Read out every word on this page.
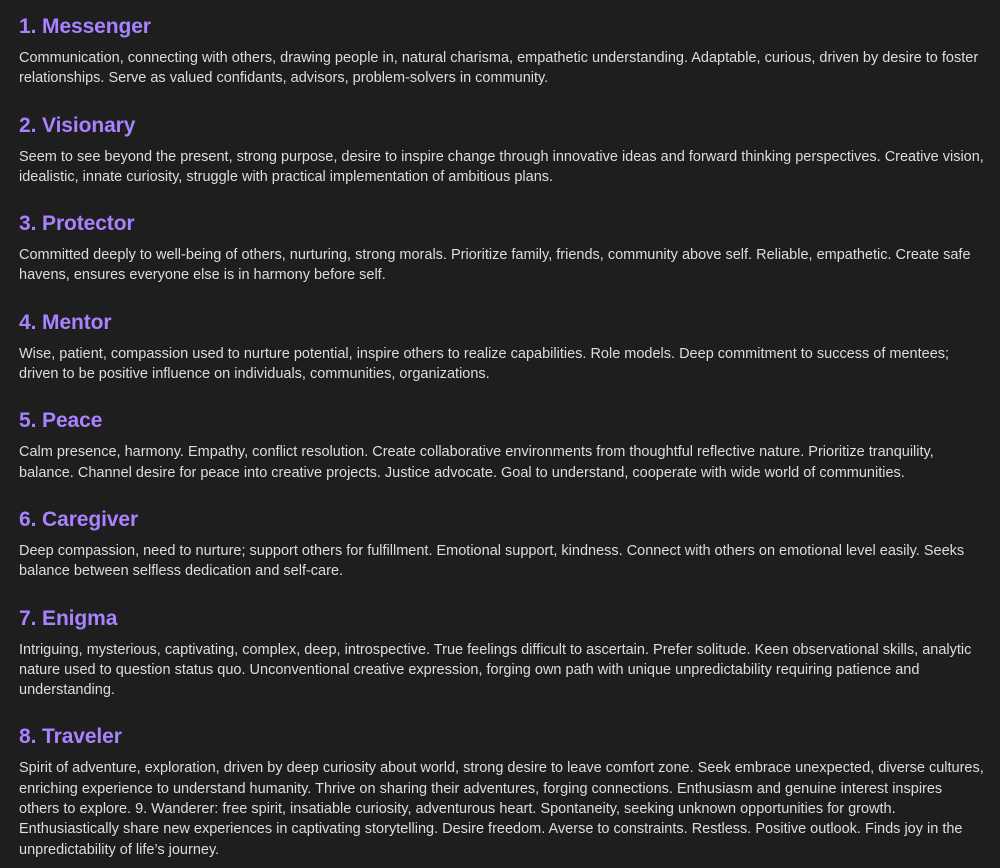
1. Messenger

Communication, connecting with others, drawing people in, natural charisma, empathetic understanding. Adaptable, curious, driven by desire to foster relationships. Serve as valued confidants, advisors, problem-solvers in community.

2. Visionary

Seem to see beyond the present, strong purpose, desire to inspire change through innovative ideas and forward thinking perspectives. Creative vision, idealistic, innate curiosity, struggle with practical implementation of ambitious plans.

3. Protector

Committed deeply to well-being of others, nurturing, strong morals. Prioritize family, friends, community above self. Reliable, empathetic. Create safe havens, ensures everyone else is in harmony before self.

4. Mentor

Wise, patient, compassion used to nurture potential, inspire others to realize capabilities. Role models. Deep commitment to success of mentees; driven to be positive influence on individuals, communities, organizations.

5. Peace

Calm presence, harmony. Empathy, conflict resolution. Create collaborative environments from thoughtful reflective nature. Prioritize tranquility, balance. Channel desire for peace into creative projects. Justice advocate. Goal to understand, cooperate with wide world of communities.

6. Caregiver

Deep compassion, need to nurture; support others for fulfillment. Emotional support, kindness. Connect with others on emotional level easily. Seeks balance between selfless dedication and self-care.

7. Enigma

Intriguing, mysterious, captivating, complex, deep, introspective. True feelings difficult to ascertain. Prefer solitude. Keen observational skills, analytic nature used to question status quo. Unconventional creative expression, forging own path with unique unpredictability requiring patience and understanding.

8. Traveler

Spirit of adventure, exploration, driven by deep curiosity about world, strong desire to leave comfort zone. Seek embrace unexpected, diverse cultures, enriching experience to understand humanity. Thrive on sharing their adventures, forging connections. Enthusiasm and genuine interest inspires others to explore. 9. Wanderer: free spirit, insatiable curiosity, adventurous heart. Spontaneity, seeking unknown opportunities for growth. Enthusiastically share new experiences in captivating storytelling. Desire freedom. Averse to constraints. Restless. Positive outlook. Finds joy in the unpredictability of life’s journey.
